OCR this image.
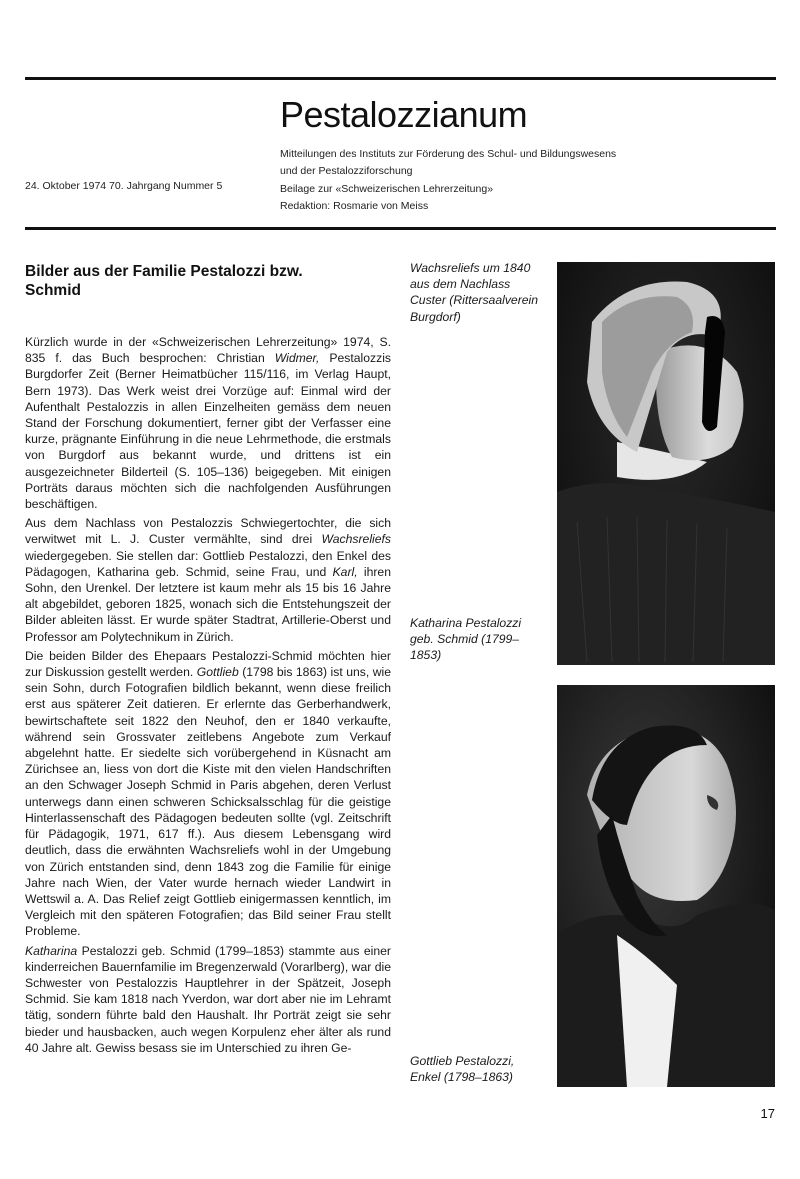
Pestalozzianum
Mitteilungen des Instituts zur Förderung des Schul- und Bildungswesens
und der Pestalozziforschung
Beilage zur «Schweizerischen Lehrerzeitung»
Redaktion: Rosmarie von Meiss
24. Oktober 1974 70. Jahrgang Nummer 5
Bilder aus der Familie Pestalozzi bzw. Schmid

Kürzlich wurde in der «Schweizerischen Lehrerzeitung» 1974, S. 835 f. das Buch besprochen: Christian Widmer, Pestalozzis Burgdorfer Zeit (Berner Heimatbücher 115/116, im Verlag Haupt, Bern 1973). Das Werk weist drei Vorzüge auf: Einmal wird der Aufenthalt Pestalozzis in allen Einzelheiten gemäss dem neuen Stand der Forschung dokumentiert, ferner gibt der Verfasser eine kurze, prägnante Einführung in die neue Lehrmethode, die erstmals von Burgdorf aus bekannt wurde, und drittens ist ein ausgezeichneter Bilderteil (S. 105–136) beigegeben. Mit einigen Porträts daraus möchten sich die nachfolgenden Ausführungen beschäftigen.

Aus dem Nachlass von Pestalozzis Schwiegertochter, die sich verwitwet mit L. J. Custer vermählte, sind drei Wachsreliefs wiedergegeben. Sie stellen dar: Gottlieb Pestalozzi, den Enkel des Pädagogen, Katharina geb. Schmid, seine Frau, und Karl, ihren Sohn, den Urenkel. Der letztere ist kaum mehr als 15 bis 16 Jahre alt abgebildet, geboren 1825, wonach sich die Entstehungszeit der Bilder ableiten lässt. Er wurde später Stadtrat, Artillerie-Oberst und Professor am Polytechnikum in Zürich.

Die beiden Bilder des Ehepaars Pestalozzi-Schmid möchten hier zur Diskussion gestellt werden. Gottlieb (1798 bis 1863) ist uns, wie sein Sohn, durch Fotografien bildlich bekannt, wenn diese freilich erst aus späterer Zeit datieren. Er erlernte das Gerberhandwerk, bewirtschaftete seit 1822 den Neuhof, den er 1840 verkaufte, während sein Grossvater zeitlebens Angebote zum Verkauf abgelehnt hatte. Er siedelte sich vorübergehend in Küsnacht am Zürichsee an, liess von dort die Kiste mit den vielen Handschriften an den Schwager Joseph Schmid in Paris abgehen, deren Verlust unterwegs dann einen schweren Schicksalsschlag für die geistige Hinterlassenschaft des Pädagogen bedeuten sollte (vgl. Zeitschrift für Pädagogik, 1971, 617 ff.). Aus diesem Lebensgang wird deutlich, dass die erwähnten Wachsreliefs wohl in der Umgebung von Zürich entstanden sind, denn 1843 zog die Familie für einige Jahre nach Wien, der Vater wurde hernach wieder Landwirt in Wettswil a. A. Das Relief zeigt Gottlieb einigermassen kenntlich, im Vergleich mit den späteren Fotografien; das Bild seiner Frau stellt Probleme.

Katharina Pestalozzi geb. Schmid (1799–1853) stammte aus einer kinderreichen Bauernfamilie im Bregenzerwald (Vorarlberg), war die Schwester von Pestalozzis Hauptlehrer in der Spätzeit, Joseph Schmid. Sie kam 1818 nach Yverdon, war dort aber nie im Lehramt tätig, sondern führte bald den Haushalt. Ihr Porträt zeigt sie sehr bieder und hausbacken, auch wegen Korpulenz eher älter als rund 40 Jahre alt. Gewiss besass sie im Unterschied zu ihren Ge-

Wachsreliefs um 1840 aus dem Nachlass Custer (Rittersaalverein Burgdorf)
Katharina Pestalozzi geb. Schmid (1799–1853)
Gottlieb Pestalozzi, Enkel (1798–1863)
17
